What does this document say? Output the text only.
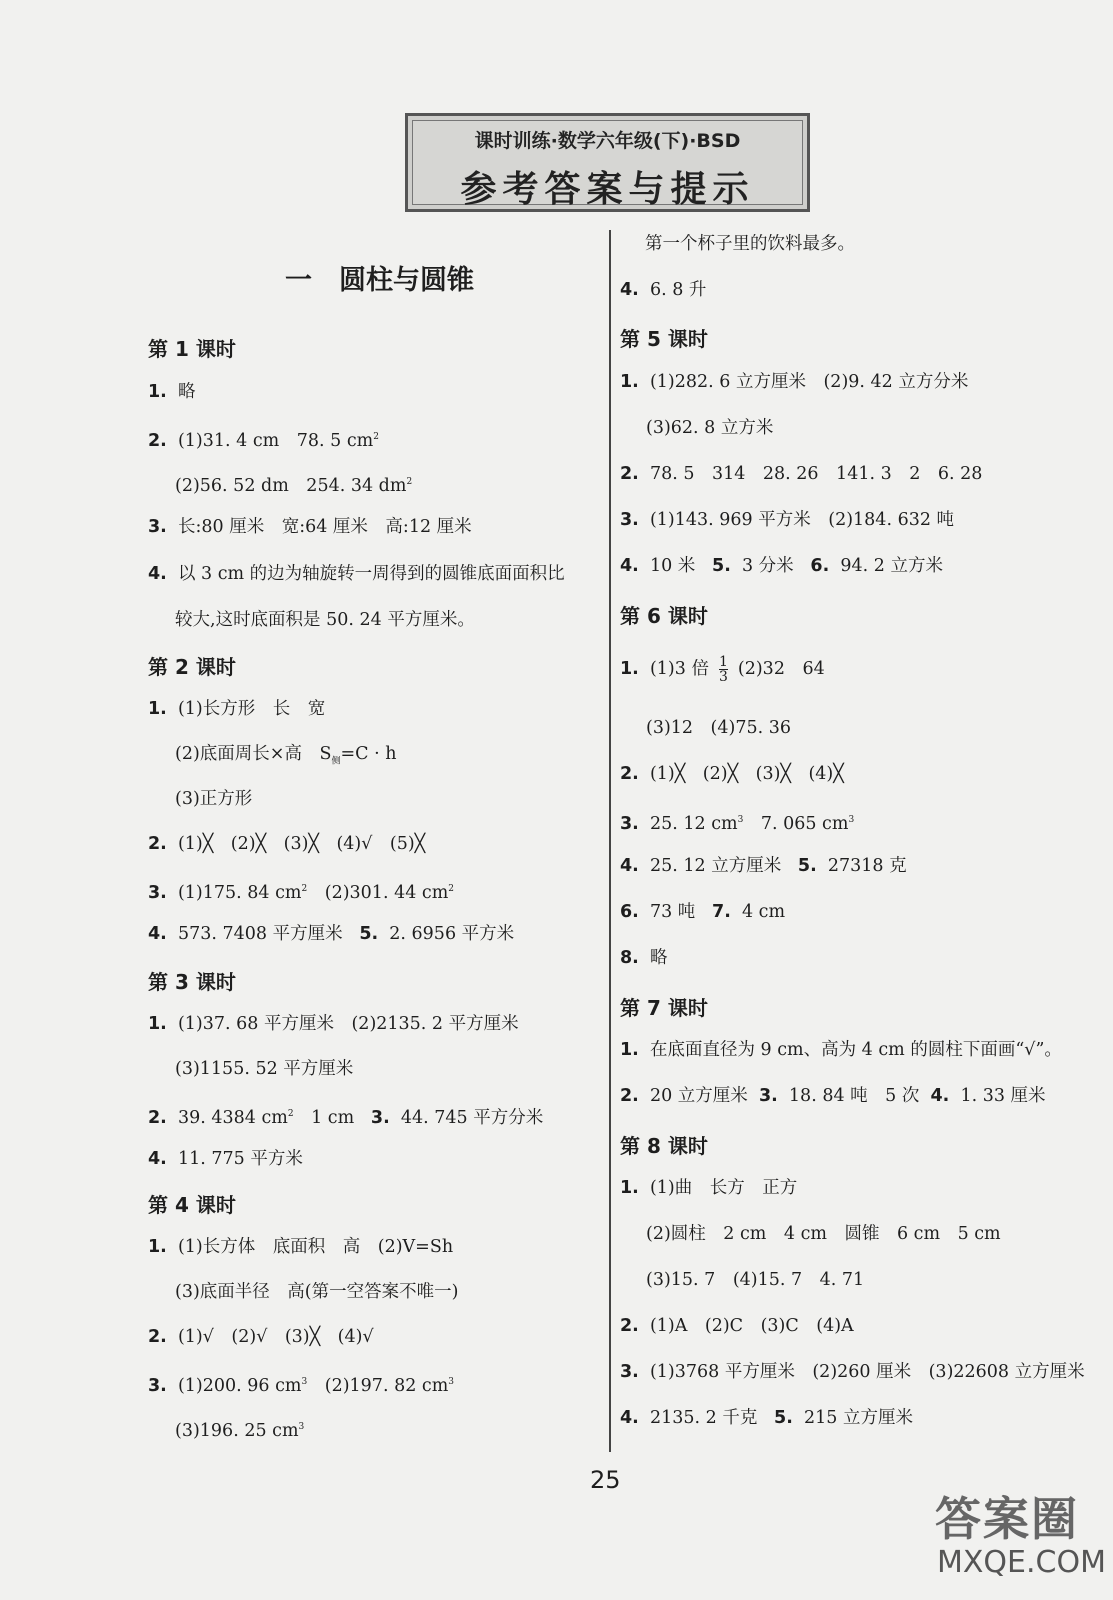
课时训练·数学六年级(下)·BSD
参考答案与提示
一　圆柱与圆锥
第 1 课时
1. 略
2. (1)31. 4 cm　78. 5 $cm^2$
(2)56. 52 dm　254. 34 $dm^2$
3. 长:80 厘米　宽:64 厘米　高:12 厘米
4. 以 3 cm 的边为轴旋转一周得到的圆锥底面面积比
较大,这时底面积是 50. 24 平方厘米。
第 2 课时
1. (1)长方形　长　宽
(2)底面周长×高　$S_侧=C \cdot h$
(3)正方形
2. (1)╳　(2)╳　(3)╳　(4)√　(5)╳
3. (1)175. 84 $cm^2$　(2)301. 44 $cm^2$
4. 573. 7408 平方厘米 5. 2. 6956 平方米
第 3 课时
1. (1)37. 68 平方厘米　(2)2135. 2 平方厘米
(3)1155. 52 平方厘米
2. 39. 4384 $cm^2$　1 cm 3. 44. 745 平方分米
4. 11. 775 平方米
第 4 课时
1. (1)长方体　底面积　高　(2)V=Sh
(3)底面半径　高(第一空答案不唯一)
2. (1)√　(2)√　(3)╳　(4)√
3. (1)200. 96 $cm^3$　(2)197. 82 $cm^3$
(3)196. 25 $cm^3$
第一个杯子里的饮料最多。
4. 6. 8 升
第 5 课时
1. (1)282. 6 立方厘米　(2)9. 42 立方分米
(3)62. 8 立方米
2. 78. 5　314　28. 26　141. 3　2　6. 28
3. (1)143. 969 平方米　(2)184. 632 吨
4. 10 米 5. 3 分米 6. 94. 2 立方米
第 6 课时
1. (1)3 倍 $\frac{1}{3} (2)32$　64
(3)12　(4)75. 36
2. (1)╳　(2)╳　(3)╳　(4)╳
3. 25. 12 $cm^3$　7. 065 $cm^3$
4. 25. 12 立方厘米 5. 27318 克
6. 73 吨 7. 4 cm
8. 略
第 7 课时
1. 在底面直径为 9 cm、高为 4 cm 的圆柱下面画“√”。
2. 20 立方厘米 3. 18. 84 吨　5 次 4. 1. 33 厘米
第 8 课时
1. (1)曲　长方　正方
(2)圆柱　2 cm　4 cm　圆锥　6 cm　5 cm
(3)15. 7　(4)15. 7　4. 71
2. (1)A　(2)C　(3)C　(4)A
3. (1)3768 平方厘米　(2)260 厘米　(3)22608 立方厘米
4. 2135. 2 千克 5. 215 立方厘米
25
答案圈
MXQE.COM
